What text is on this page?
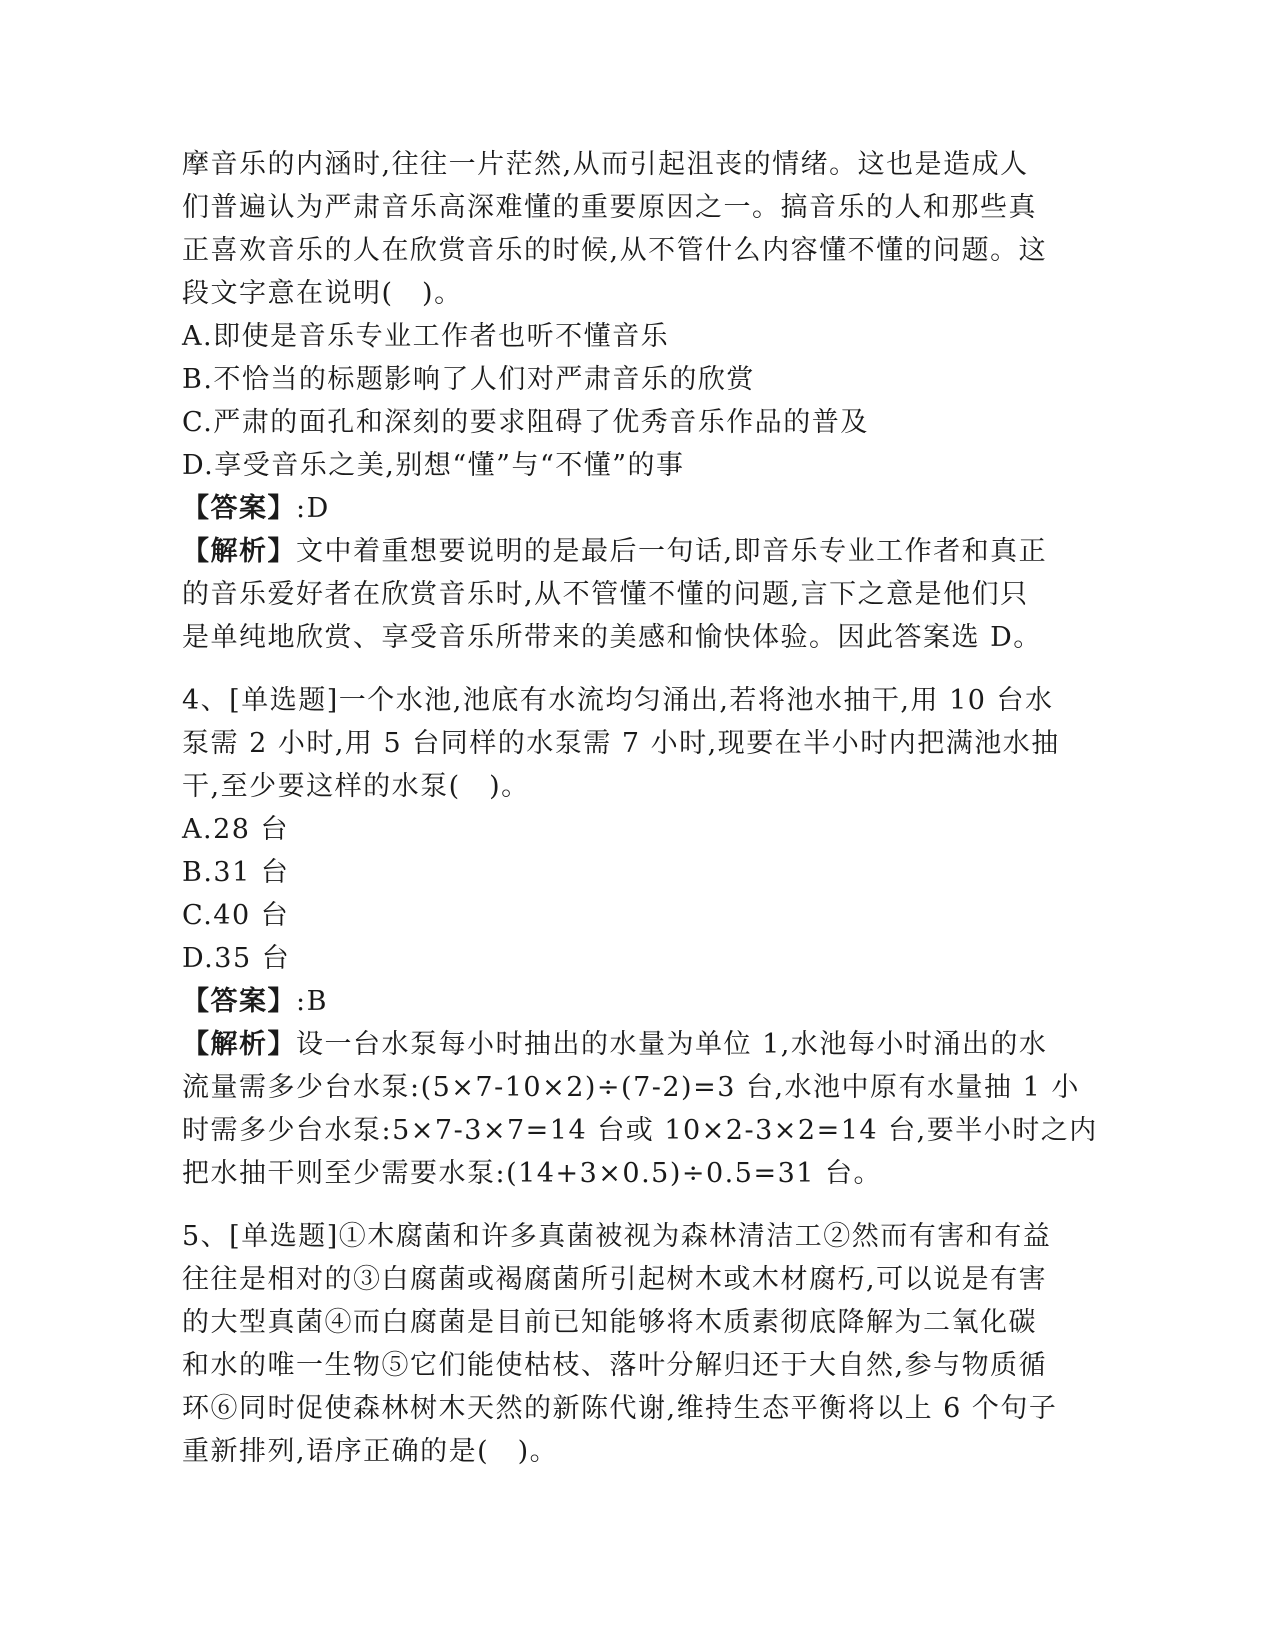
摩音乐的内涵时,往往一片茫然,从而引起沮丧的情绪。这也是造成人
们普遍认为严肃音乐高深难懂的重要原因之一。搞音乐的人和那些真
正喜欢音乐的人在欣赏音乐的时候,从不管什么内容懂不懂的问题。这
段文字意在说明(　)。
A.即使是音乐专业工作者也听不懂音乐
B.不恰当的标题影响了人们对严肃音乐的欣赏
C.严肃的面孔和深刻的要求阻碍了优秀音乐作品的普及
D.享受音乐之美,别想“懂”与“不懂”的事
【答案】:D
【解析】文中着重想要说明的是最后一句话,即音乐专业工作者和真正
的音乐爱好者在欣赏音乐时,从不管懂不懂的问题,言下之意是他们只
是单纯地欣赏、享受音乐所带来的美感和愉快体验。因此答案选 D。
4、[单选题]一个水池,池底有水流均匀涌出,若将池水抽干,用 10 台水
泵需 2 小时,用 5 台同样的水泵需 7 小时,现要在半小时内把满池水抽
干,至少要这样的水泵(　)。
A.28 台
B.31 台
C.40 台
D.35 台
【答案】:B
【解析】设一台水泵每小时抽出的水量为单位 1,水池每小时涌出的水
流量需多少台水泵:(5×7-10×2)÷(7-2)=3 台,水池中原有水量抽 1 小
时需多少台水泵:5×7-3×7=14 台或 10×2-3×2=14 台,要半小时之内
把水抽干则至少需要水泵:(14+3×0.5)÷0.5=31 台。
5、[单选题]①木腐菌和许多真菌被视为森林清洁工②然而有害和有益
往往是相对的③白腐菌或褐腐菌所引起树木或木材腐朽,可以说是有害
的大型真菌④而白腐菌是目前已知能够将木质素彻底降解为二氧化碳
和水的唯一生物⑤它们能使枯枝、落叶分解归还于大自然,参与物质循
环⑥同时促使森林树木天然的新陈代谢,维持生态平衡将以上 6 个句子
重新排列,语序正确的是(　)。
